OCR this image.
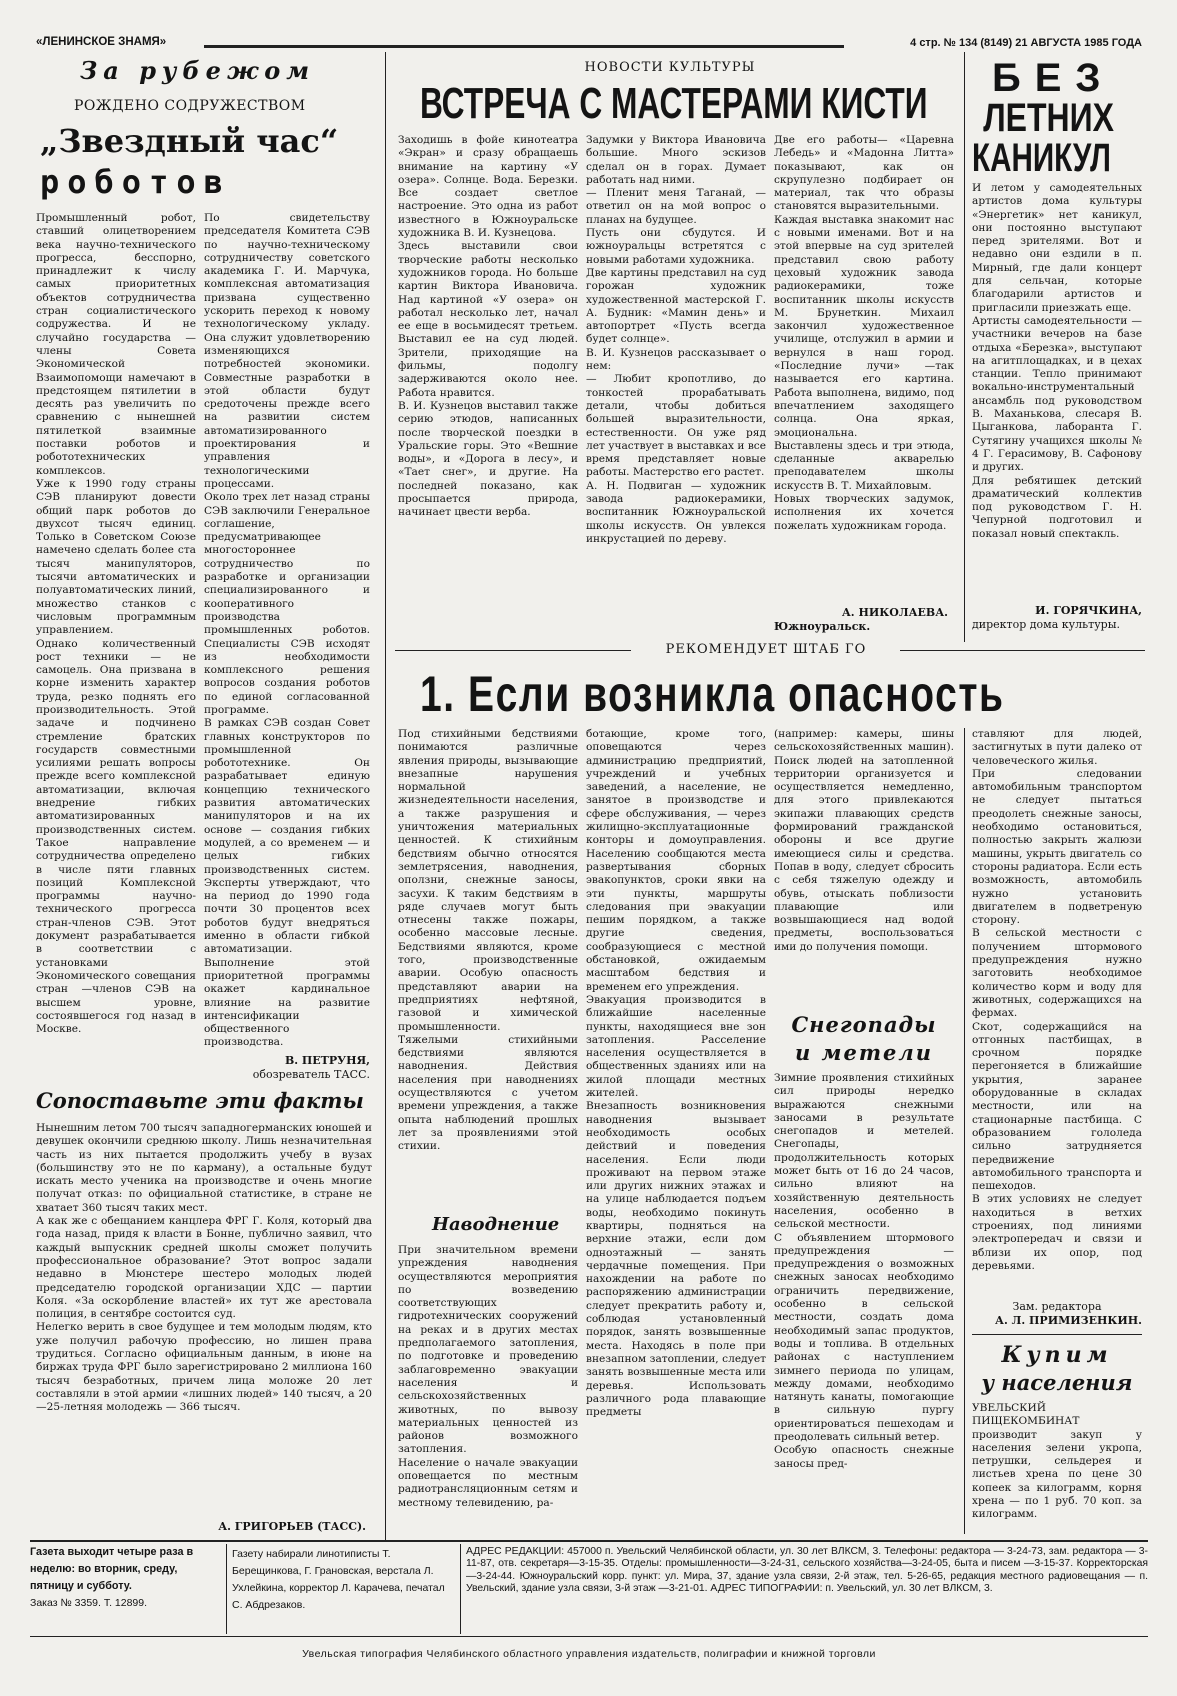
«ЛЕНИНСКОЕ ЗНАМЯ»	4 стр. № 134 (8149) 21 АВГУСТА 1985 ГОДА
За рубежом
РОЖДЕНО СОДРУЖЕСТВОМ
„Звездный час“
роботов
Промышленный робот, ставший олицетворением века научно-технического прогресса, бесспорно, принадлежит к числу самых приоритетных объектов сотрудничества стран социалистического содружества. И не случайно государства — члены Совета Экономической Взаимопомощи намечают в предстоящем пятилетии в десять раз увеличить по сравнению с нынешней пятилеткой взаимные поставки роботов и робототехнических комплексов.
Уже к 1990 году страны СЭВ планируют довести общий парк роботов до двухсот тысяч единиц. Только в Советском Союзе намечено сделать более ста тысяч манипуляторов, тысячи автоматических и полуавтоматических линий, множество станков с числовым программным управлением.
Однако количественный рост техники — не самоцель. Она призвана в корне изменить характер труда, резко поднять его производительность. Этой задаче и подчинено стремление братских государств совместными усилиями решать вопросы прежде всего комплексной автоматизации, включая внедрение гибких автоматизированных производственных систем. Такое направление сотрудничества определено в числе пяти главных позиций Комплексной программы научно-технического прогресса стран-членов СЭВ. Этот документ разрабатывается в соответствии с установками Экономического совещания стран —членов СЭВ на высшем уровне, состоявшегося год назад в Москве.
По свидетельству председателя Комитета СЭВ по научно-техническому сотрудничеству советского академика Г. И. Марчука, комплексная автоматизация призвана существенно ускорить переход к новому технологическому укладу. Она служит удовлетворению изменяющихся потребностей экономики. Совместные разработки в этой области будут средоточены прежде всего на развитии систем автоматизированного проектирования и управления технологическими процессами.
Около трех лет назад страны СЭВ заключили Генеральное соглашение, предусматривающее многостороннее сотрудничество по разработке и организации специализированного и кооперативного производства промышленных роботов. Специалисты СЭВ исходят из необходимости комплексного решения вопросов создания роботов по единой согласованной программе.
В рамках СЭВ создан Совет главных конструкторов по промышленной робототехнике. Он разрабатывает единую концепцию технического развития автоматических манипуляторов и на их основе — создания гибких модулей, а со временем — и целых гибких производственных систем. Эксперты утверждают, что на период до 1990 года почти 30 процентов всех роботов будут внедряться именно в области гибкой автоматизации.
Выполнение этой приоритетной программы окажет кардинальное влияние на развитие интенсификации общественного производства.
В. ПЕТРУНЯ,
обозреватель ТАСС.
Сопоставьте эти факты
Нынешним летом 700 тысяч западногерманских юношей и девушек окончили среднюю школу. Лишь незначительная часть из них пытается продолжить учебу в вузах (большинству это не по карману), а остальные будут искать место ученика на производстве и очень многие получат отказ: по официальной статистике, в стране не хватает 360 тысяч таких мест.
А как же с обещанием канцлера ФРГ Г. Коля, который два года назад, придя к власти в Бонне, публично заявил, что каждый выпускник средней школы сможет получить профессиональное образование? Этот вопрос задали недавно в Мюнстере шестеро молодых людей председателю городской организации ХДС — партии Коля. «За оскорбление властей» их тут же арестовала полиция, в сентябре состоится суд.
Нелегко верить в свое будущее и тем молодым людям, кто уже получил рабочую профессию, но лишен права трудиться. Согласно официальным данным, в июне на биржах труда ФРГ было зарегистрировано 2 миллиона 160 тысяч безработных, причем лица моложе 20 лет составляли в этой армии «лишних людей» 140 тысяч, а 20—25-летняя молодежь — 366 тысяч.
А. ГРИГОРЬЕВ (ТАСС).
НОВОСТИ КУЛЬТУРЫ
ВСТРЕЧА С МАСТЕРАМИ КИСТИ
Заходишь в фойе кинотеатра «Экран» и сразу обращаешь внимание на картину «У озера». Солнце. Вода. Березки. Все создает светлое настроение. Это одна из работ известного в Южноуральске художника В. И. Кузнецова.
Здесь выставили свои творческие работы несколько художников города. Но больше картин Виктора Ивановича. Над картиной «У озера» он работал несколько лет, начал ее еще в восьмидесят третьем. Выставил ее на суд людей. Зрители, приходящие на фильмы, подолгу задерживаются около нее. Работа нравится.
В. И. Кузнецов выставил также серию этюдов, написанных после творческой поездки в Уральские горы. Это «Вешние воды», и «Дорога в лесу», и «Тает снег», и другие. На последней показано, как просыпается природа, начинает цвести верба.
Задумки у Виктора Ивановича большие. Много эскизов сделал он в горах. Думает работать над ними.
— Пленит меня Таганай, — ответил он на мой вопрос о планах на будущее.
Пусть они сбудутся. И южноуральцы встретятся с новыми работами художника.
Две картины представил на суд горожан художник художественной мастерской Г. А. Будник: «Мамин день» и автопортрет «Пусть всегда будет солнце».
В. И. Кузнецов рассказывает о нем:
— Любит кропотливо, до тонкостей прорабатывать детали, чтобы добиться большей выразительности, естественности. Он уже ряд лет участвует в выставках и все время представляет новые работы. Мастерство его растет.
А. Н. Подвиган — художник завода радиокерамики, воспитанник Южноуральской школы искусств. Он увлекся инкрустацией по дереву.
Две его работы— «Царевна Лебедь» и «Мадонна Литта» показывают, как он скрупулезно подбирает он материал, так что образы становятся выразительными.
Каждая выставка знакомит нас с новыми именами. Вот и на этой впервые на суд зрителей представил свою работу цеховый художник завода радиокерамики, тоже воспитанник школы искусств М. Брунеткин. Михаил закончил художественное училище, отслужил в армии и вернулся в наш город. «Последние лучи» —так называется его картина. Работа выполнена, видимо, под впечатлением заходящего солнца. Она яркая, эмоциональна.
Выставлены здесь и три этюда, сделанные акварелью преподавателем школы искусств В. Т. Михайловым.
Новых творческих задумок, исполнения их хочется пожелать художникам города.
А. НИКОЛАЕВА.
Южноуральск.
БЕЗ
ЛЕТНИХ
КАНИКУЛ
И летом у самодеятельных артистов дома культуры «Энергетик» нет каникул, они постоянно выступают перед зрителями. Вот и недавно они ездили в п. Мирный, где дали концерт для сельчан, которые благодарили артистов и пригласили приезжать еще.
Артисты самодеятельности — участники вечеров на базе отдыха «Березка», выступают на агитплощадках, и в цехах станции. Тепло принимают вокально-инструментальный ансамбль под руководством В. Маханькова, слесаря В. Цыганкова, лаборанта Г. Сутягину учащихся школы № 4 Г. Герасимову, В. Сафонову и других.
Для ребятишек детский драматический коллектив под руководством Г. Н. Чепурной подготовил и показал новый спектакль.
И. ГОРЯЧКИНА,
директор дома культуры.
РЕКОМЕНДУЕТ ШТАБ ГО
1. Если возникла опасность
Под стихийными бедствиями понимаются различные явления природы, вызывающие внезапные нарушения нормальной жизнедеятельности населения, а также разрушения и уничтожения материальных ценностей. К стихийным бедствиям обычно относятся землетрясения, наводнения, оползни, снежные заносы, засухи. К таким бедствиям в ряде случаев могут быть отнесены также пожары, особенно массовые лесные. Бедствиями являются, кроме того, производственные аварии. Особую опасность представляют аварии на предприятиях нефтяной, газовой и химической промышленности.
Тяжелыми стихийными бедствиями являются наводнения. Действия населения при наводнениях осуществляются с учетом времени упреждения, а также опыта наблюдений прошлых лет за проявлениями этой стихии.
Наводнение
При значительном времени упреждения наводнения осуществляются мероприятия по возведению соответствующих гидротехнических сооружений на реках и в других местах предполагаемого затопления, по подготовке и проведению заблаговременно эвакуации населения и сельскохозяйственных животных, по вывозу материальных ценностей из районов возможного затопления.
Население о начале эвакуации оповещается по местным радиотрансляционным сетям и местному телевидению, ра-
ботающие, кроме того, оповещаются через администрацию предприятий, учреждений и учебных заведений, а население, не занятое в производстве и сфере обслуживания, — через жилищно-эксплуатационные конторы и домоуправления. Населению сообщаются места развертывания сборных эвакопунктов, сроки явки на эти пункты, маршруты следования при эвакуации пешим порядком, а также другие сведения, сообразующиеся с местной обстановкой, ожидаемым масштабом бедствия и временем его упреждения.
Эвакуация производится в ближайшие населенные пункты, находящиеся вне зон затопления. Расселение населения осуществляется в общественных зданиях или на жилой площади местных жителей.
Внезапность возникновения наводнения вызывает необходимость особых действий и поведения населения. Если люди проживают на первом этаже или других нижних этажах и на улице наблюдается подъем воды, необходимо покинуть квартиры, подняться на верхние этажи, если дом одноэтажный — занять чердачные помещения. При нахождении на работе по распоряжению администрации следует прекратить работу и, соблюдая установленный порядок, занять возвышенные места. Находясь в поле при внезапном затоплении, следует занять возвышенные места или деревья. Использовать различного рода плавающие предметы
(например: камеры, шины сельскохозяйственных машин). Поиск людей на затопленной территории организуется и осуществляется немедленно, для этого привлекаются экипажи плавающих средств формирований гражданской обороны и все другие имеющиеся силы и средства. Попав в воду, следует сбросить с себя тяжелую одежду и обувь, отыскать поблизости плавающие или возвышающиеся над водой предметы, воспользоваться ими до получения помощи.
Снегопады
и метели
Зимние проявления стихийных сил природы нередко выражаются снежными заносами в результате снегопадов и метелей. Снегопады, продолжительность которых может быть от 16 до 24 часов, сильно влияют на хозяйственную деятельность населения, особенно в сельской местности.
С объявлением штормового предупреждения — предупреждения о возможных снежных заносах необходимо ограничить передвижение, особенно в сельской местности, создать дома необходимый запас продуктов, воды и топлива. В отдельных районах с наступлением зимнего периода по улицам, между домами, необходимо натянуть канаты, помогающие в сильную пургу ориентироваться пешеходам и преодолевать сильный ветер.
Особую опасность снежные заносы пред-
ставляют для людей, застигнутых в пути далеко от человеческого жилья.
При следовании автомобильным транспортом не следует пытаться преодолеть снежные заносы, необходимо остановиться, полностью закрыть жалюзи машины, укрыть двигатель со стороны радиатора. Если есть возможность, автомобиль нужно установить двигателем в подветреную сторону.
В сельской местности с получением штормового предупреждения нужно заготовить необходимое количество корм и воду для животных, содержащихся на фермах.
Скот, содержащийся на отгонных пастбищах, в срочном порядке перегоняется в ближайшие укрытия, заранее оборудованные в складах местности, или на стационарные пастбища. С образованием гололеда сильно затрудняется передвижение автомобильного транспорта и пешеходов.
В этих условиях не следует находиться в ветхих строениях, под линиями электропередач и связи и вблизи их опор, под деревьями.
Зам. редактора
А. Л. ПРИМИЗЕНКИН.
Купим
у населения
УВЕЛЬСКИЙ ПИЩЕКОМБИНАТ производит закуп у населения зелени укропа, петрушки, сельдерея и листьев хрена по цене 30 копеек за килограмм, корня хрена — по 1 руб. 70 коп. за килограмм.
Газета выходит четыре раза в неделю: во вторник, среду, пятницу и субботу.
Заказ № 3359. Т. 12899.
Газету набирали линотиписты Т. Берещинкова, Г. Грановская, верстала Л. Ухлейкина, корректор Л. Карачева, печатал С. Абдрезаков.
АДРЕС РЕДАКЦИИ: 457000 п. Увельский Челябинской области, ул. 30 лет ВЛКСМ, 3. Телефоны: редактора — 3-24-73, зам. редактора — 3-11-87, отв. секретаря—3-15-35. Отделы: промышленности—3-24-31, сельского хозяйства—3-24-05, быта и писем —3-15-37. Корректорская—3-24-44. Южноуральский корр. пункт: ул. Мира, 37, здание узла связи, 2-й этаж, тел. 5-26-65, редакция местного радиовещания — п. Увельский, здание узла связи, 3-й этаж —3-21-01. АДРЕС ТИПОГРАФИИ: п. Увельский, ул. 30 лет ВЛКСМ, 3.
Увельская типография Челябинского областного управления издательств, полиграфии и книжной торговли
